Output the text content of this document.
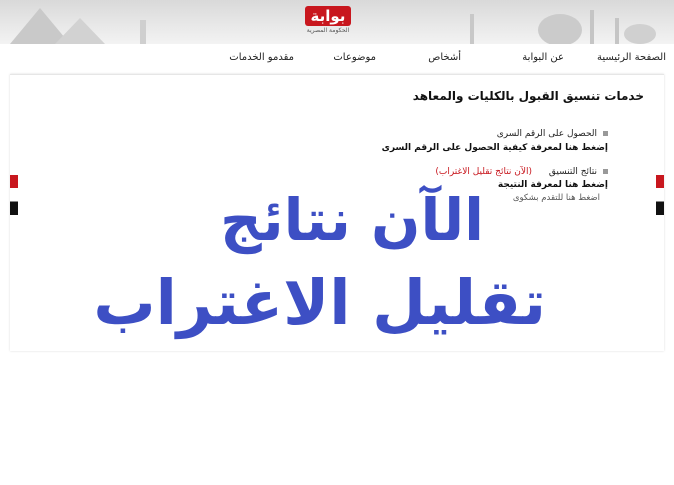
بوابة
الحكومة المصرية
الصفحة الرئيسية
عن البوابة
أشخاص
موضوعات
مقدمو الخدمات
خدمات تنسيق القبول بالكليات والمعاهد
الحصول على الرقم السرى
إضغط هنا لمعرفة كيفية الحصول على الرقم السرى
نتائج التنسيق (الآن نتائج تقليل الاغتراب)
إضغط هنا لمعرفة النتيجة
اضغط هنا للتقدم بشكوى
الآن نتائج
تقليل الاغتراب
